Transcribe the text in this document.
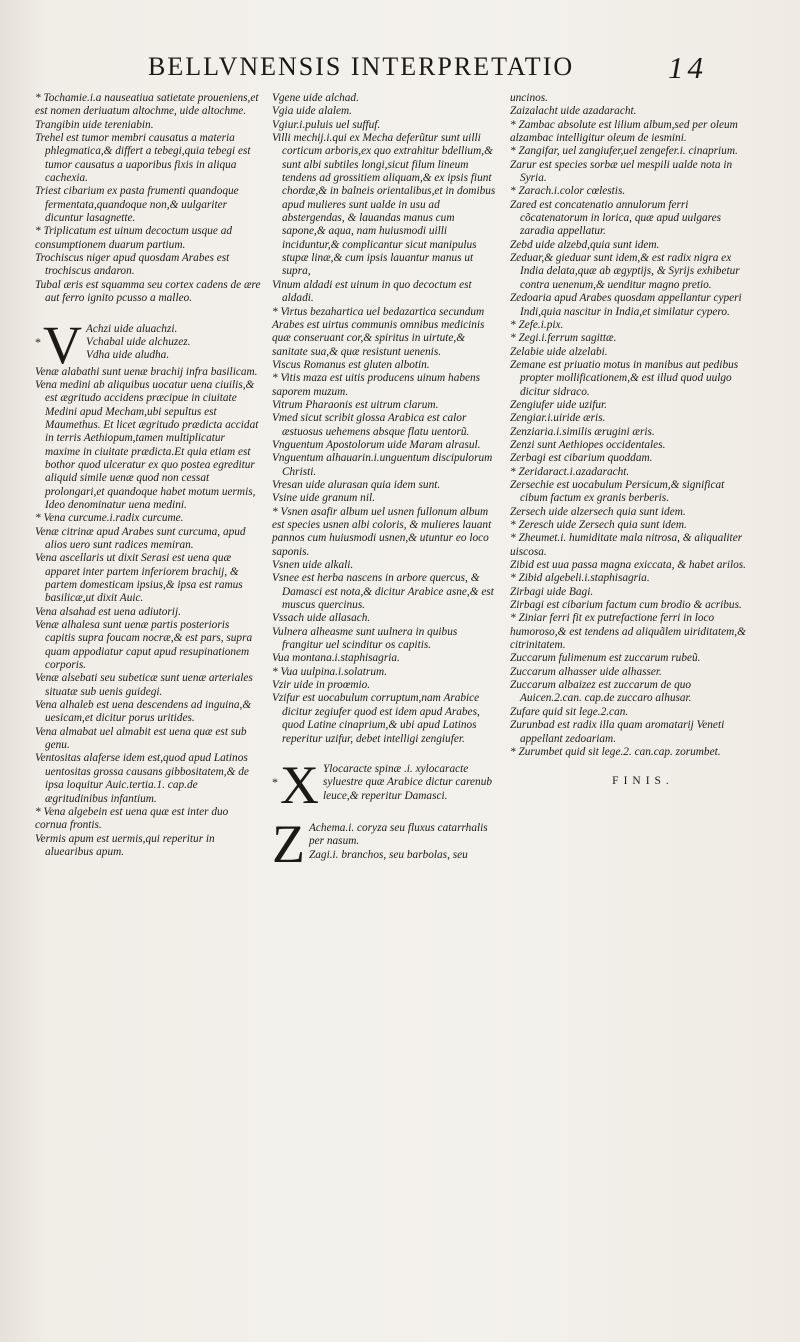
BELLVNENSIS INTERPRETATIO	14

* Tochamie.i.a nauseatiua satietate proueniens,et est nomen deriuatum altochme, uide altochme.

Trangibin uide tereniabin.

Trehel est tumor membri causatus a materia phlegmatica,& differt a tebegi,quia tebegi est tumor causatus a uaporibus fixis in aliqua cachexia.

Triest cibarium ex pasta frumenti quandoque fermentata,quandoque non,& uulgariter dicuntur lasagnette.

* Triplicatum est uinum decoctum usque ad consumptionem duarum partium.

Trochiscus niger apud quosdam Arabes est trochiscus andaron.

Tubal æris est squamma seu cortex cadens de ære aut ferro ignito pcusso a malleo.

*V Achzi uide aluachzi.

Vchabal uide alchuzez.

Vdha uide aludha.

Venæ alabathi sunt uenæ brachij infra basilicam.

Vena medini ab aliquibus uocatur uena ciuilis,& est ægritudo accidens præcipue in ciuitate Medini apud Mecham,ubi sepultus est Maumethus. Et licet ægritudo prædicta accidat in terris Aethiopum,tamen multiplicatur maxime in ciuitate prædicta.Et quia etiam est bothor quod ulceratur ex quo postea egreditur aliquid simile uenæ quod non cessat prolongari,et quandoque habet motum uermis, Ideo denominatur uena medini.

* Vena curcume.i.radix curcume.

Venæ citrinæ apud Arabes sunt curcuma, apud alios uero sunt radices memiran.

Vena ascellaris ut dixit Serasi est uena quæ apparet inter partem inferiorem brachij, & partem domesticam ipsius,& ipsa est ramus basilicæ,ut dixit Auic.

Vena alsahad est uena adiutorij.

Venæ alhalesa sunt uenæ partis posterioris capitis supra foucam nocræ,& est pars, supra quam appodiatur caput apud resupinationem corporis.

Venæ alsebati seu subeticæ sunt uenæ arteriales situatæ sub uenis guidegi.

Vena alhaleb est uena descendens ad inguina,& uesicam,et dicitur porus uritides.

Vena almabat uel almabit est uena quæ est sub genu.

Ventositas alaferse idem est,quod apud Latinos uentositas grossa causans gibbositatem,& de ipsa loquitur Auic.tertia.1. cap.de ægritudinibus infantium.

* Vena algebein est uena quæ est inter duo cornua frontis.

Vermis apum est uermis,qui reperitur in aluearibus apum.

Vgene uide alchad.

Vgia uide alalem.

Vgiur.i.puluis uel suffuf.

Villi mechij.i.qui ex Mecha deferũtur sunt uilli corticum arboris,ex quo extrahitur bdellium,& sunt albi subtiles longi,sicut filum lineum tendens ad grossitiem aliquam,& ex ipsis fiunt chordæ,& in balneis orientalibus,et in domibus apud mulieres sunt ualde in usu ad abstergendas, & lauandas manus cum sapone,& aqua, nam huiusmodi uilli inciduntur,& complicantur sicut manipulus stupæ linæ,& cum ipsis lauantur manus ut supra,

Vinum aldadi est uinum in quo decoctum est aldadi.

* Virtus bezahartica uel bedazartica secundum Arabes est uirtus communis omnibus medicinis quæ conseruant cor,& spiritus in uirtute,& sanitate sua,& quæ resistunt uenenis.

Viscus Romanus est gluten albotin.

* Vitis maza est uitis producens uinum habens saporem muzum.

Vitrum Pharaonis est uitrum clarum.

Vmed sicut scribit glossa Arabica est calor æstuosus uehemens absque flatu uentorũ.

Vnguentum Apostolorum uide Maram alrasul.

Vnguentum alhauarin.i.unguentum discipulorum Christi.

Vresan uide alurasan quia idem sunt.

Vsine uide granum nil.

* Vsnen asafir album uel usnen fullonum album est species usnen albi coloris, & mulieres lauant pannos cum huiusmodi usnen,& utuntur eo loco saponis.

Vsnen uide alkali.

Vsnee est herba nascens in arbore quercus, & Damasci est nota,& dicitur Arabice asne,& est muscus quercinus.

Vssach uide allasach.

Vulnera alheasme sunt uulnera in quibus frangitur uel scinditur os capitis.

Vua montana.i.staphisagria.

* Vua uulpina.i.solatrum.

Vzir uide in proœmio.

Vzifur est uocabulum corruptum,nam Arabice dicitur zegiufer quod est idem apud Arabes, quod Latine cinaprium,& ubi apud Latinos reperitur uzifur, debet intelligi zengiufer.

*X Ylocaracte spinæ .i. xylocaracte syluestre quæ Arabice dictur carenub leuce,& reperitur Damasci.

Z Achema.i. coryza seu fluxus catarrhalis per nasum.

Zagi.i. branchos, seu barbolas, seu

uncinos.

Zaizalacht uide azadaracht.

* Zambac absolute est lilium album,sed per oleum alzambac intelligitur oleum de iesmini.

* Zangifar, uel zangiufer,uel zengefer.i. cinaprium.

Zarur est species sorbæ uel mespili ualde nota in Syria.

* Zarach.i.color cœlestis.

Zared est concatenatio annulorum ferri cõcatenatorum in lorica, quæ apud uulgares zaradia appellatur.

Zebd uide alzebd,quia sunt idem.

Zeduar,& gieduar sunt idem,& est radix nigra ex India delata,quæ ab ægyptijs, & Syrijs exhibetur contra uenenum,& uenditur magno pretio.

Zedoaria apud Arabes quosdam appellantur cyperi Indi,quia nascitur in India,et similatur cypero.

* Zefe.i.pix.

* Zegi.i.ferrum sagittæ.

Zelabie uide alzelabi.

Zemane est priuatio motus in manibus aut pedibus propter mollificationem,& est illud quod uulgo dicitur sidraco.

Zengiufer uide uzifur.

Zengiar.i.uiride æris.

Zenziaria.i.similis ærugini æris.

Zenzi sunt Aethiopes occidentales.

Zerbagi est cibarium quoddam.

* Zeridaract.i.azadaracht.

Zersechie est uocabulum Persicum,& significat cibum factum ex granis berberis.

Zersech uide alzersech quia sunt idem.

* Zeresch uide Zersech quia sunt idem.

* Zheumet.i. humiditate mala nitrosa, & aliqualiter uiscosa.

Zibid est uua passa magna exiccata, & habet arilos.

* Zibid algebeli.i.staphisagria.

Zirbagi uide Bagi.

Zirbagi est cibarium factum cum brodio & acribus.

* Ziniar ferri fit ex putrefactione ferri in loco humoroso,& est tendens ad aliquãlem uiriditatem,& citrinitatem.

Zuccarum fulimenum est zuccarum rubeũ.

Zuccarum alhasser uide alhasser.

Zuccarum albaizez est zuccarum de quo Auicen.2.can. cap.de zuccaro alhusar.

Zufare quid sit lege.2.can.

Zurunbad est radix illa quam aromatarij Veneti appellant zedoariam.

* Zurumbet quid sit lege.2. can.cap. zorumbet.

FINIS.
